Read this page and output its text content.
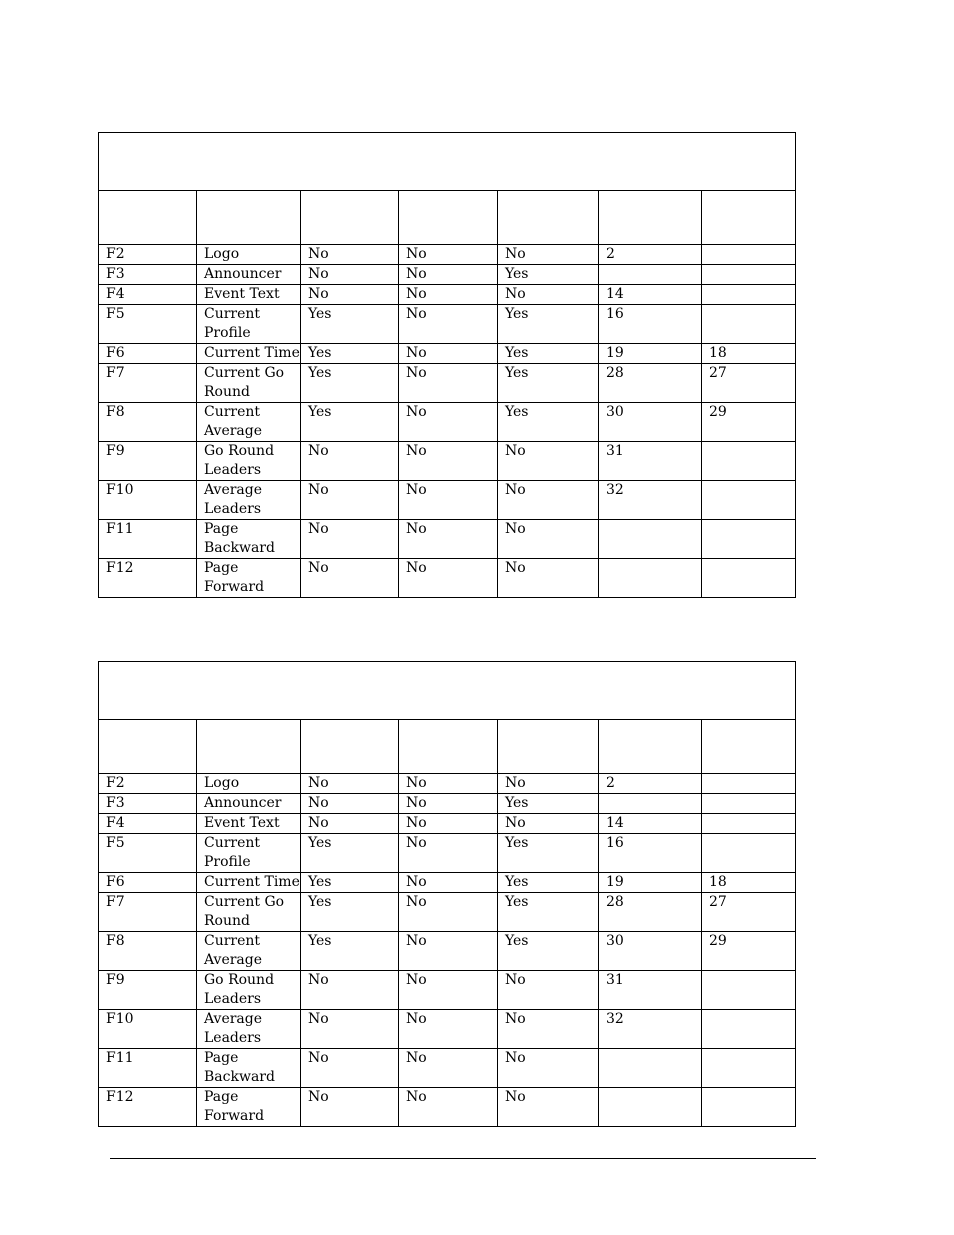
F2	Logo	No	No	No	2	
F3	Announcer	No	No	Yes		
F4	Event Text	No	No	No	14	
F5	Current Profile	Yes	No	Yes	16	
F6	Current Time	Yes	No	Yes	19	18
F7	Current Go Round	Yes	No	Yes	28	27
F8	Current Average	Yes	No	Yes	30	29
F9	Go Round Leaders	No	No	No	31	
F10	Average Leaders	No	No	No	32	
F11	Page Backward	No	No	No		
F12	Page Forward	No	No	No		

F2	Logo	No	No	No	2	
F3	Announcer	No	No	Yes		
F4	Event Text	No	No	No	14	
F5	Current Profile	Yes	No	Yes	16	
F6	Current Time	Yes	No	Yes	19	18
F7	Current Go Round	Yes	No	Yes	28	27
F8	Current Average	Yes	No	Yes	30	29
F9	Go Round Leaders	No	No	No	31	
F10	Average Leaders	No	No	No	32	
F11	Page Backward	No	No	No		
F12	Page Forward	No	No	No		
